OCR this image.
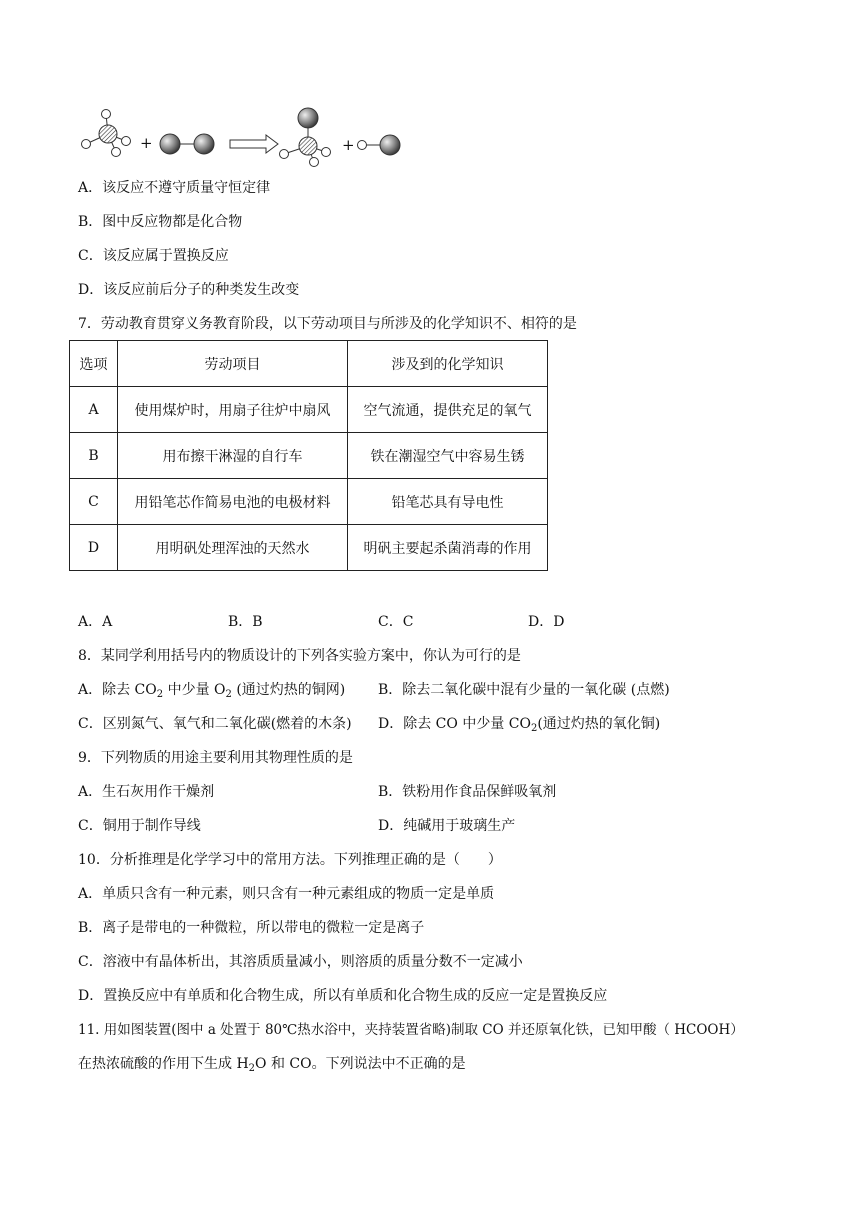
+	+
A．该反应不遵守质量守恒定律
B．图中反应物都是化合物
C．该反应属于置换反应
D．该反应前后分子的种类发生改变
7．劳动教育贯穿义务教育阶段，以下劳动项目与所涉及的化学知识不、相符的是
选项	劳动项目	涉及到的化学知识
A	使用煤炉时，用扇子往炉中扇风	空气流通，提供充足的氧气
B	用布擦干淋湿的自行车	铁在潮湿空气中容易生锈
C	用铅笔芯作简易电池的电极材料	铅笔芯具有导电性
D	用明矾处理浑浊的天然水	明矾主要起杀菌消毒的作用
A．A	B．B	C．C	D．D
8．某同学利用括号内的物质设计的下列各实验方案中，你认为可行的是
A．除去 $CO_2$ 中少量 $O_2$ (通过灼热的铜网) B．除去二氧化碳中混有少量的一氧化碳 (点燃)
C．区别氮气、氧气和二氧化碳(燃着的木条) D．除去 CO 中少量 $CO_2$(通过灼热的氧化铜)
9．下列物质的用途主要利用其物理性质的是
A．生石灰用作干燥剂	B．铁粉用作食品保鲜吸氧剂
C．铜用于制作导线	D．纯碱用于玻璃生产
10．分析推理是化学学习中的常用方法。下列推理正确的是（　　）
A．单质只含有一种元素，则只含有一种元素组成的物质一定是单质
B．离子是带电的一种微粒，所以带电的微粒一定是离子
C．溶液中有晶体析出，其溶质质量减小，则溶质的质量分数不一定减小
D．置换反应中有单质和化合物生成，所以有单质和化合物生成的反应一定是置换反应
11. 用如图装置(图中 a 处置于 80℃热水浴中，夹持装置省略)制取 CO 并还原氧化铁，已知甲酸（ HCOOH）
在热浓硫酸的作用下生成 $H_2O$ 和 CO。下列说法中不正确的是
